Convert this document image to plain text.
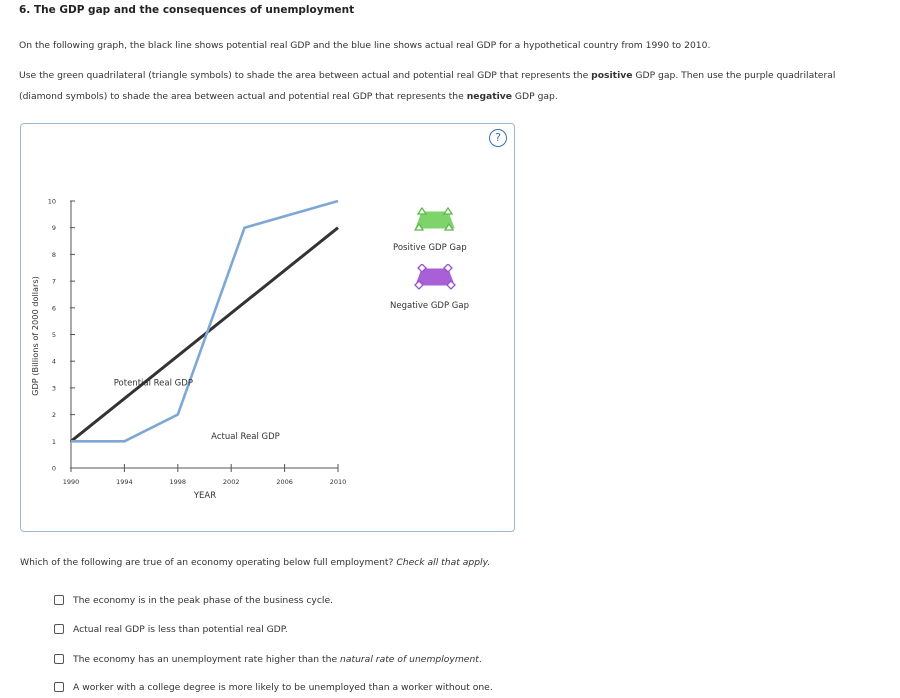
6. The GDP gap and the consequences of unemployment
On the following graph, the black line shows potential real GDP and the blue line shows actual real GDP for a hypothetical country from 1990 to 2010.
Use the green quadrilateral (triangle symbols) to shade the area between actual and potential real GDP that represents the positive GDP gap. Then use the purple quadrilateral (diamond symbols) to shade the area between actual and potential real GDP that represents the negative GDP gap.
?
0
1
2
3
4
5
6
7
8
9
10
1990	1994	1998	2002	2006	2010
YEAR
GDP (Billions of 2000 dollars)	Potential Real GDP
Actual Real GDP
Positive GDP Gap
Negative GDP Gap
Which of the following are true of an economy operating below full employment? Check all that apply.
The economy is in the peak phase of the business cycle.
Actual real GDP is less than potential real GDP.
The economy has an unemployment rate higher than the natural rate of unemployment.
A worker with a college degree is more likely to be unemployed than a worker without one.
